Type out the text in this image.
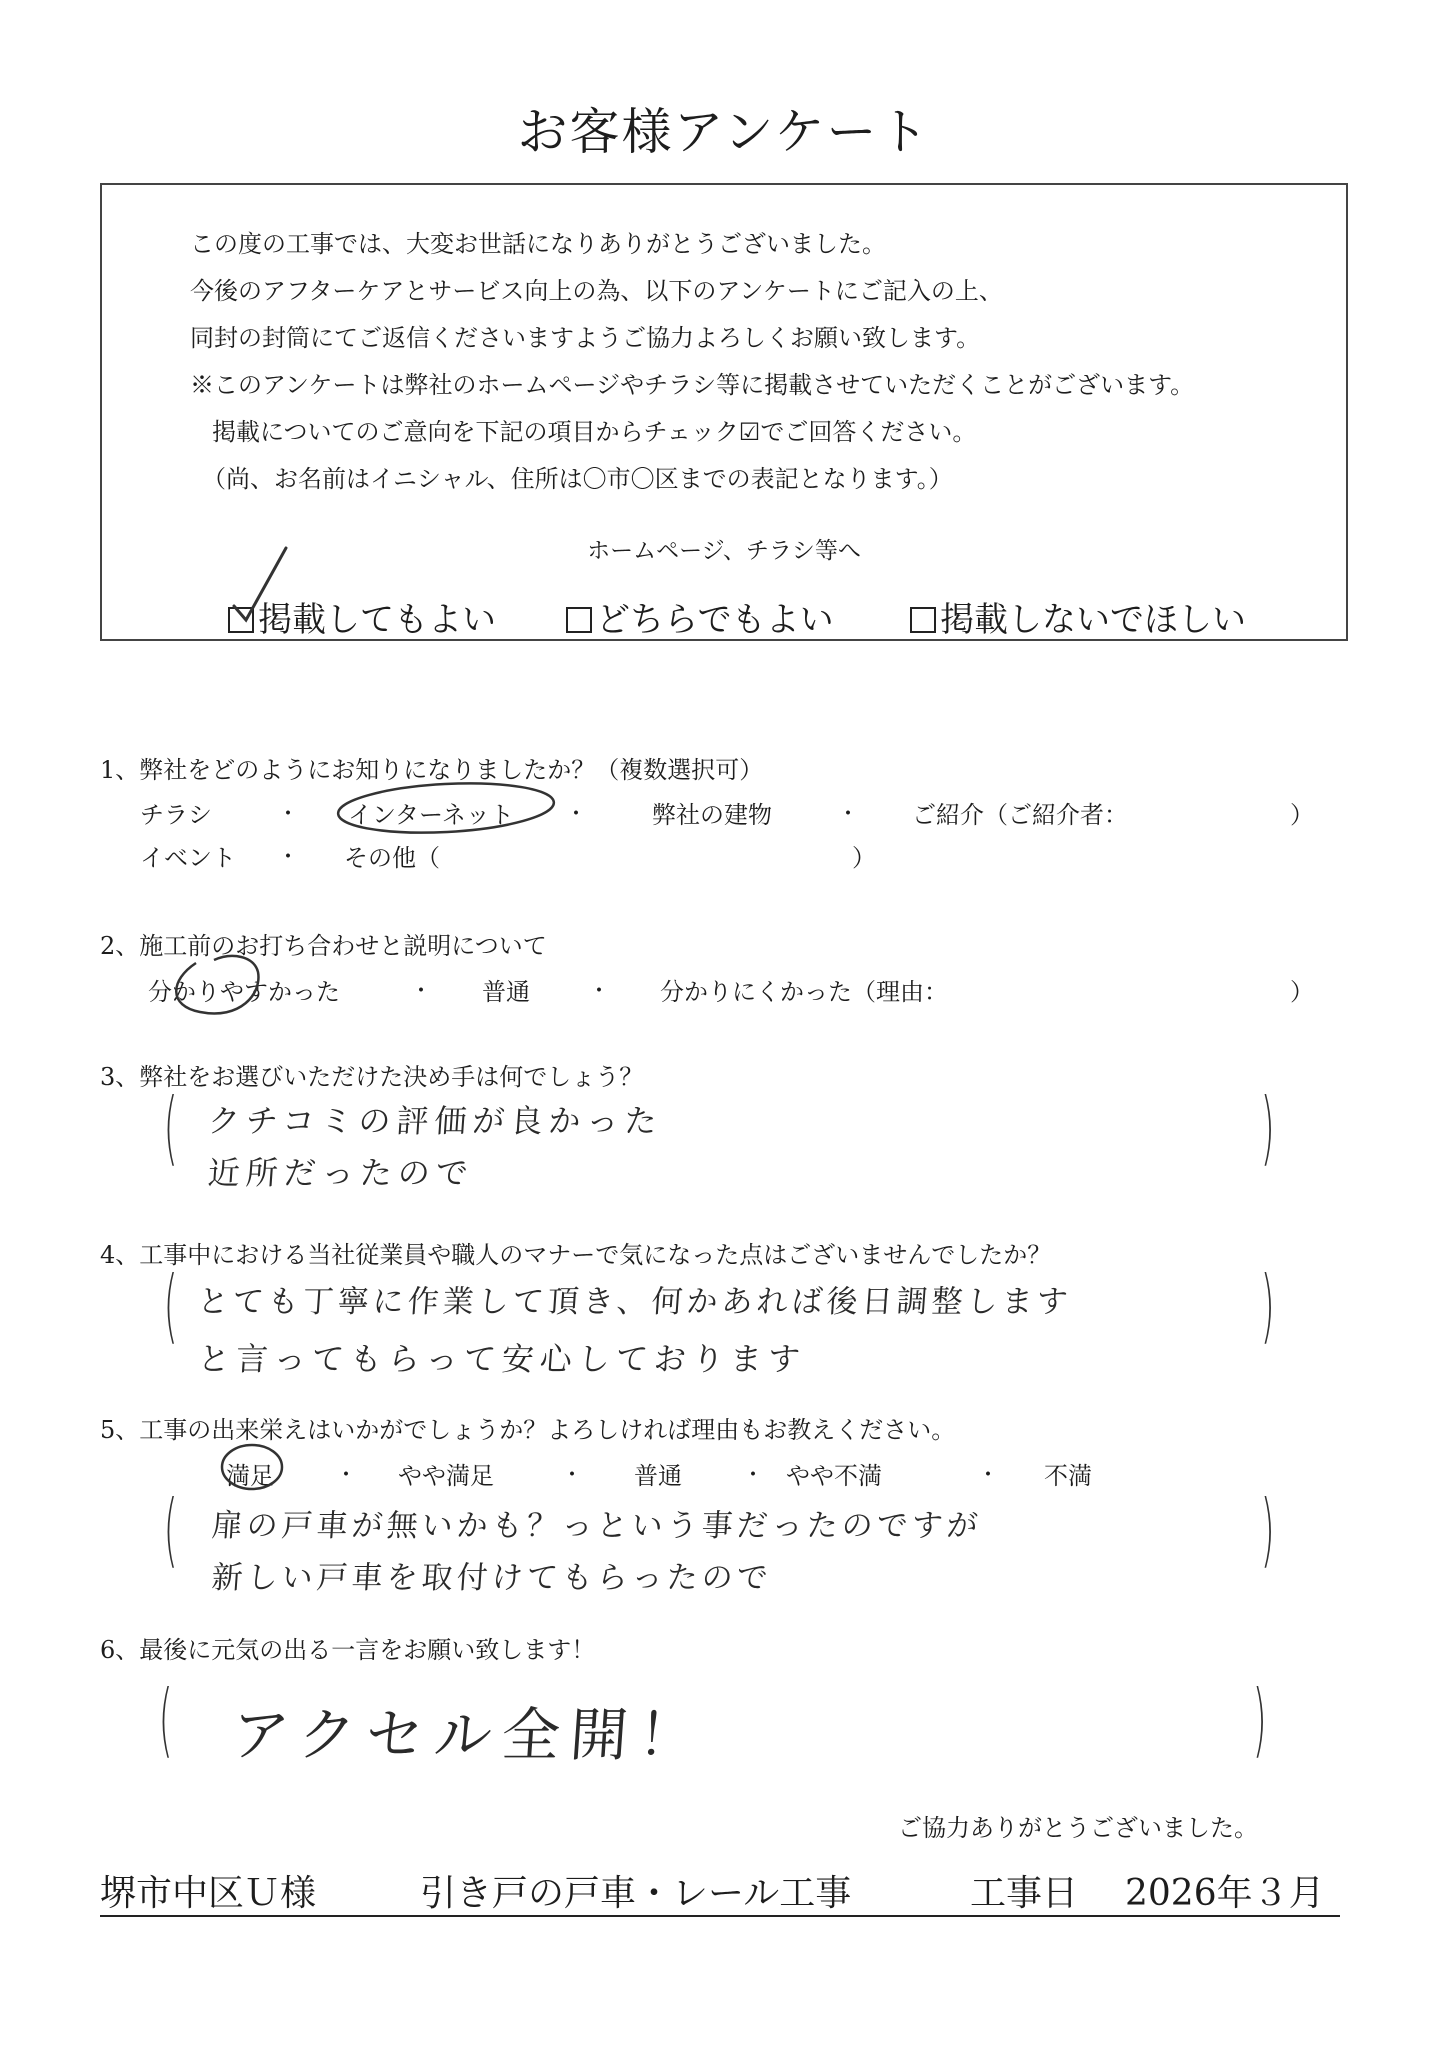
お客様アンケート
この度の工事では、大変お世話になりありがとうございました。
今後のアフターケアとサービス向上の為、以下のアンケートにご記入の上、
同封の封筒にてご返信くださいますようご協力よろしくお願い致します。
※このアンケートは弊社のホームページやチラシ等に掲載させていただくことがございます。
掲載についてのご意向を下記の項目からチェック☑でご回答ください。
（尚、お名前はイニシャル、住所は〇市〇区までの表記となります。）
ホームページ、チラシ等へ
掲載してもよい	どちらでもよい	掲載しないでほしい
1、弊社をどのようにお知りになりましたか？（複数選択可）
チラシ	・ インターネット ・	弊社の建物	・ ご紹介（ご紹介者：	）
イベント ・ その他（	）
2、施工前のお打ち合わせと説明について
分かりやすかった	・ 普通	・ 分かりにくかった（理由：	）
3、弊社をお選びいただけた決め手は何でしょう？
(	)
クチコミの評価が良かった
近所だったので
4、工事中における当社従業員や職人のマナーで気になった点はございませんでしたか？
(	)
とても丁寧に作業して頂き、何かあれば後日調整します
と言ってもらって安心しております
5、工事の出来栄えはいかがでしょうか？よろしければ理由もお教えください。
満足	・ やや満足	・ 普通	・ やや不満	・ 不満
(	)
扉の戸車が無いかも？っという事だったのですが
新しい戸車を取付けてもらったので
6、最後に元気の出る一言をお願い致します！
(	)
アクセル全開！
ご協力ありがとうございました。
堺市中区Ｕ様	引き戸の戸車・レール工事	工事日 2026年３月
